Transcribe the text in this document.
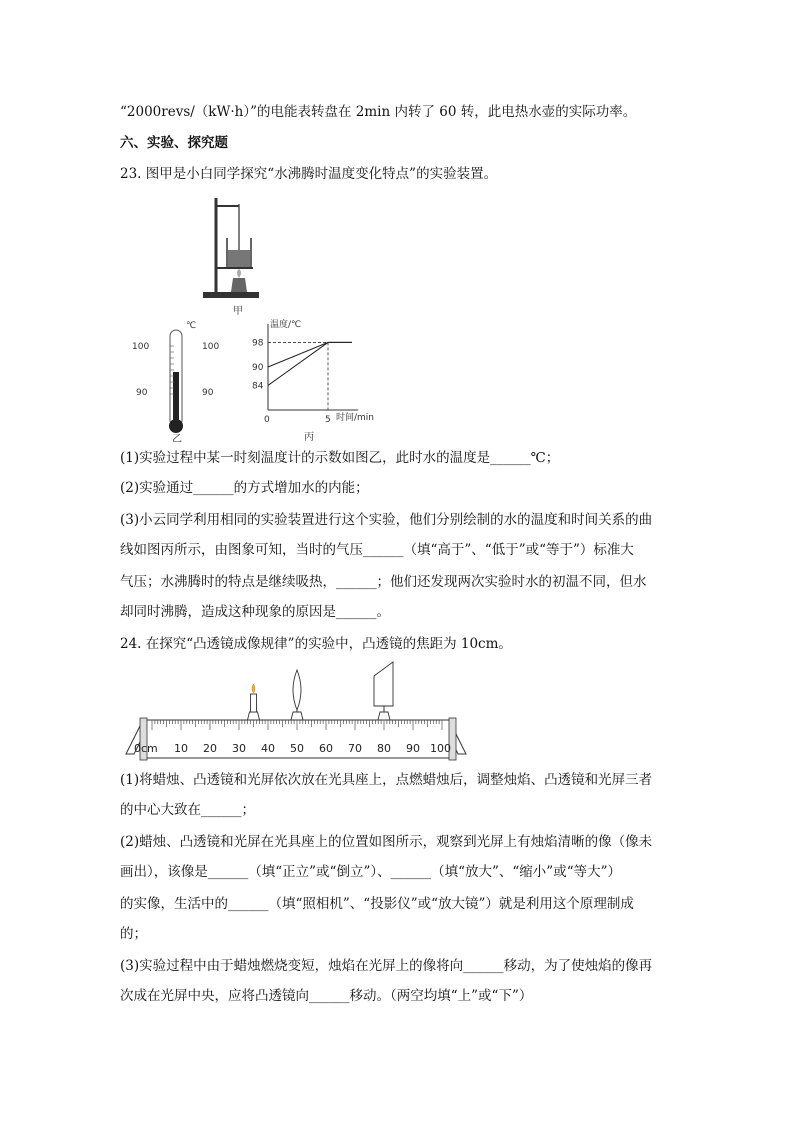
“2000revs/（kW·h）”的电能表转盘在 2min 内转了 60 转，此电热水壶的实际功率。
六、实验、探究题
23. 图甲是小白同学探究“水沸腾时温度变化特点”的实验装置。
甲
℃
100	100
90	90
乙
温度/℃
84
90
98
5
0	时间/min
丙
(1)实验过程中某一时刻温度计的示数如图乙，此时水的温度是______℃；
(2)实验通过______的方式增加水的内能；
(3)小云同学利用相同的实验装置进行这个实验，他们分别绘制的水的温度和时间关系的曲
线如图丙所示，由图象可知，当时的气压______（填“高于”、“低于”或“等于”）标准大
气压；水沸腾时的特点是继续吸热，______；他们还发现两次实验时水的初温不同，但水
却同时沸腾，造成这种现象的原因是______。
24. 在探究“凸透镜成像规律”的实验中，凸透镜的焦距为 10cm。
0cm 10 20 30 40 50 60 70 80 90 100
(1)将蜡烛、凸透镜和光屏依次放在光具座上，点燃蜡烛后，调整烛焰、凸透镜和光屏三者
的中心大致在______；
(2)蜡烛、凸透镜和光屏在光具座上的位置如图所示，观察到光屏上有烛焰清晰的像（像未
画出），该像是______（填“正立”或“倒立”）、______（填“放大”、“缩小”或“等大”）
的实像，生活中的______（填“照相机”、“投影仪”或“放大镜”）就是利用这个原理制成
的；
(3)实验过程中由于蜡烛燃烧变短，烛焰在光屏上的像将向______移动，为了使烛焰的像再
次成在光屏中央，应将凸透镜向______移动。（两空均填“上”或“下”）
